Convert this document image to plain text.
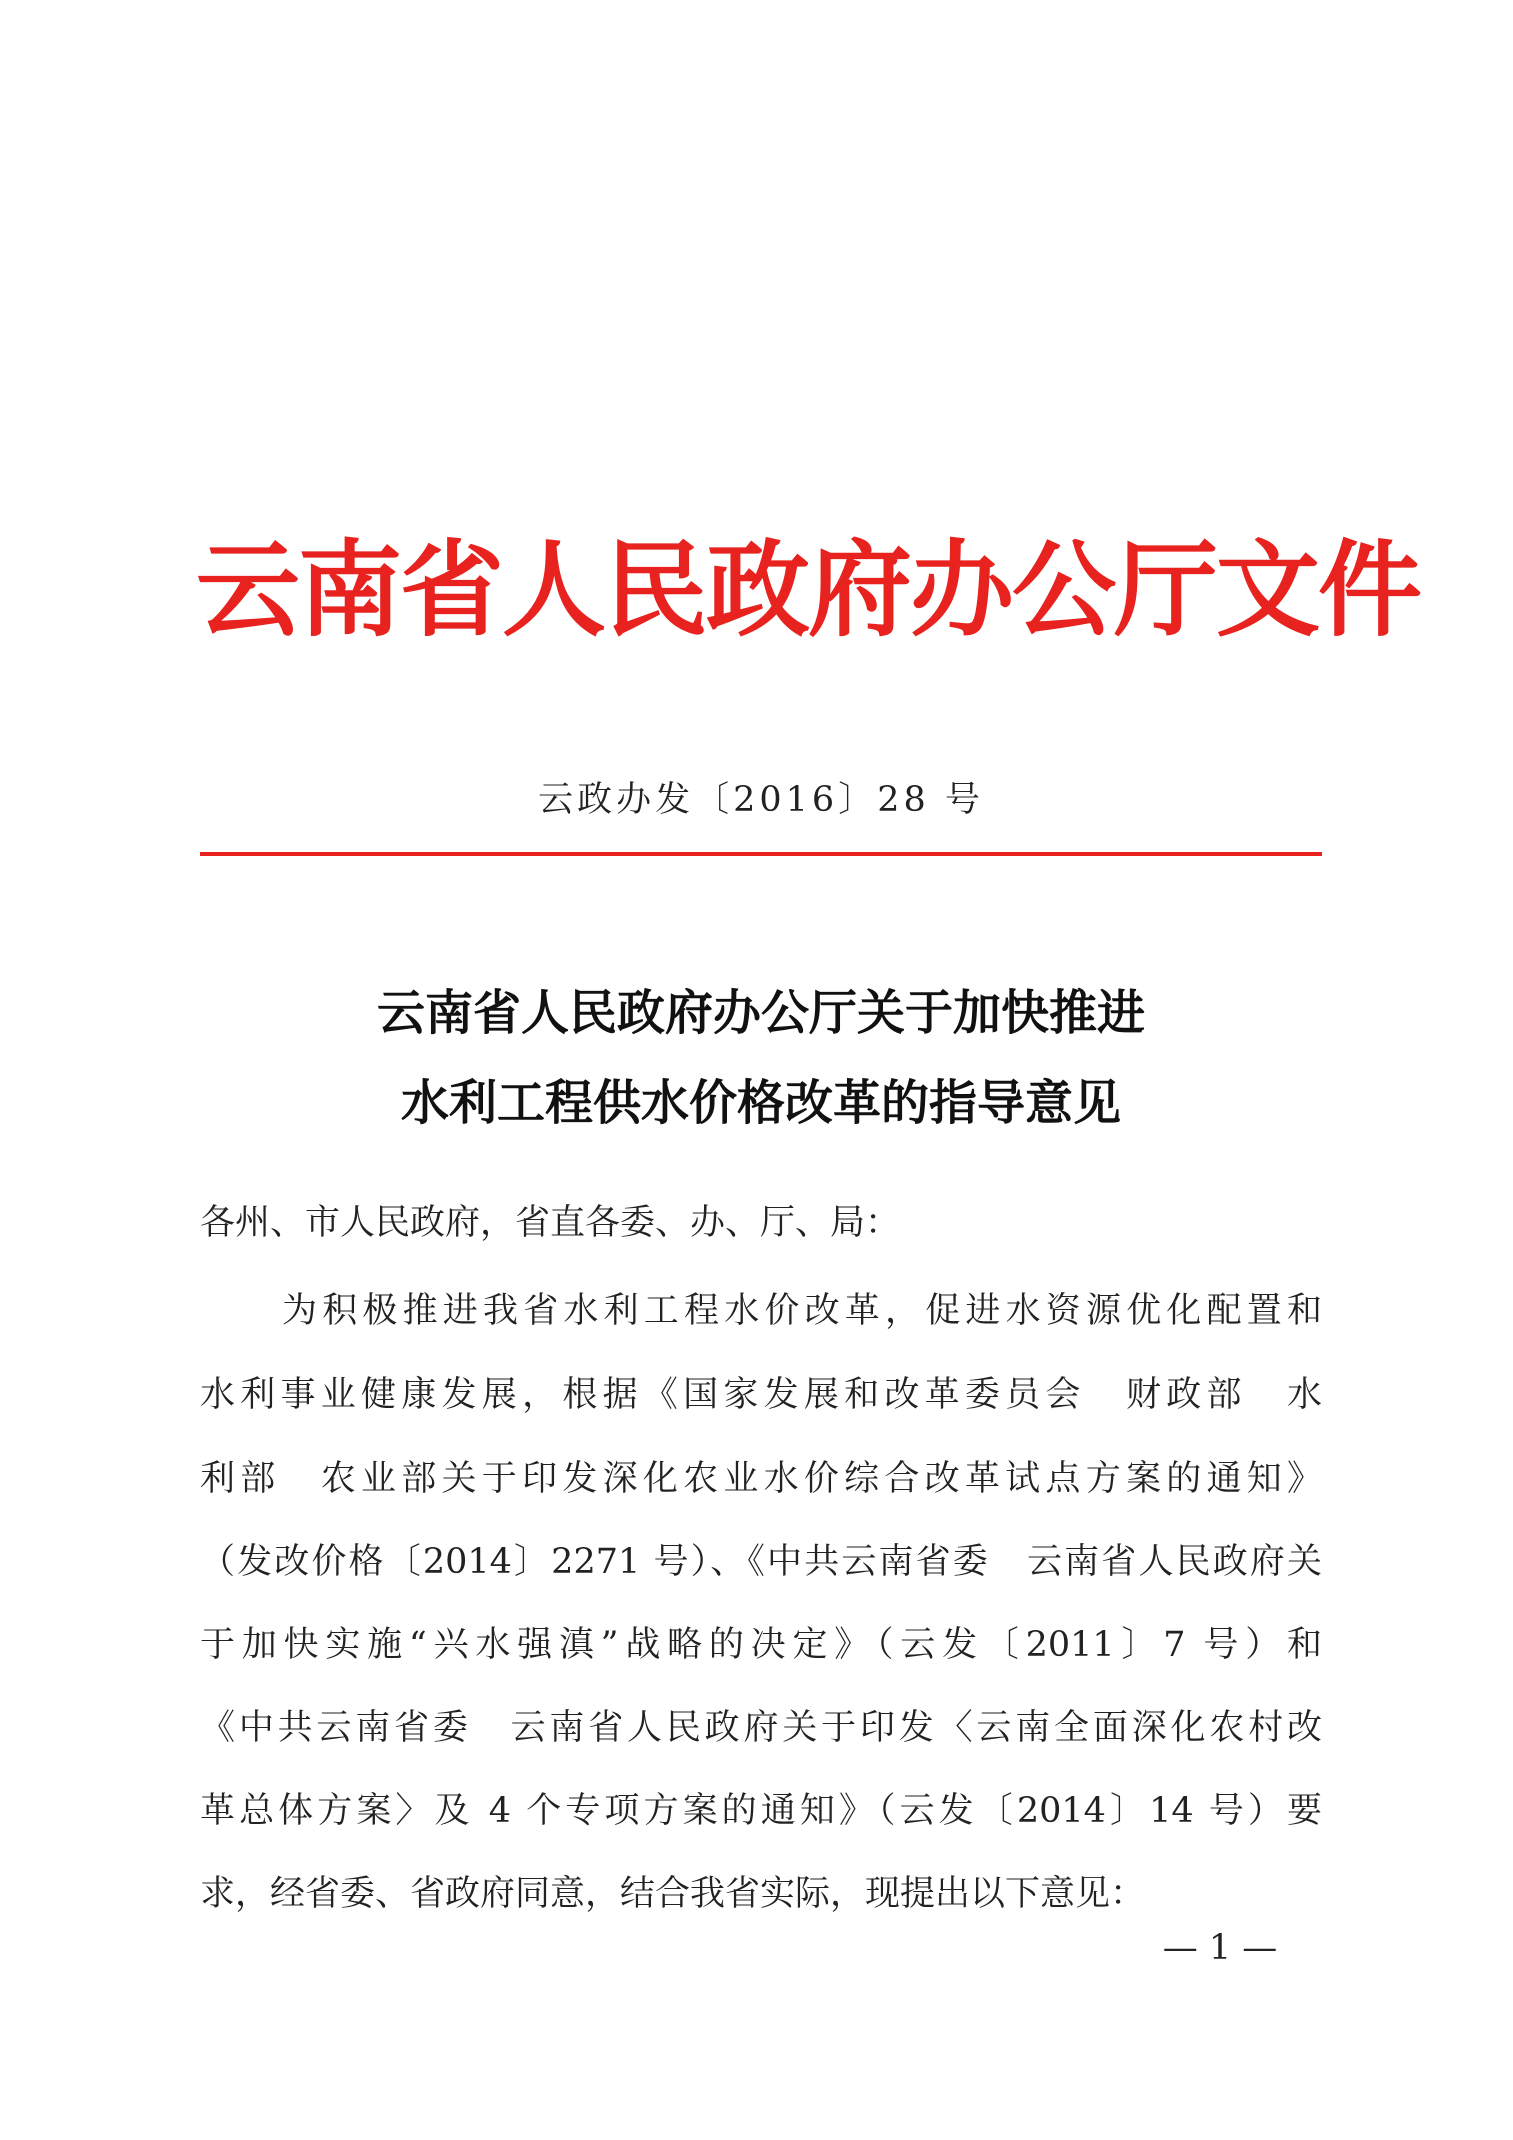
云南省人民政府办公厅文件
云政办发〔2016〕28 号
云南省人民政府办公厅关于加快推进
水利工程供水价格改革的指导意见
各州、市人民政府，省直各委、办、厅、局：
为积极推进我省水利工程水价改革，促进水资源优化配置和
水利事业健康发展，根据《国家发展和改革委员会　财政部　水
利部　农业部关于印发深化农业水价综合改革试点方案的通知》
（发改价格〔2014〕2271 号）、《中共云南省委　云南省人民政府关
于加快实施“兴水强滇”战略的决定》（云发〔2011〕7 号）和
《中共云南省委　云南省人民政府关于印发〈云南全面深化农村改
革总体方案〉及 4 个专项方案的通知》（云发〔2014〕14 号）要
求，经省委、省政府同意，结合我省实际，现提出以下意见：
— 1 —
